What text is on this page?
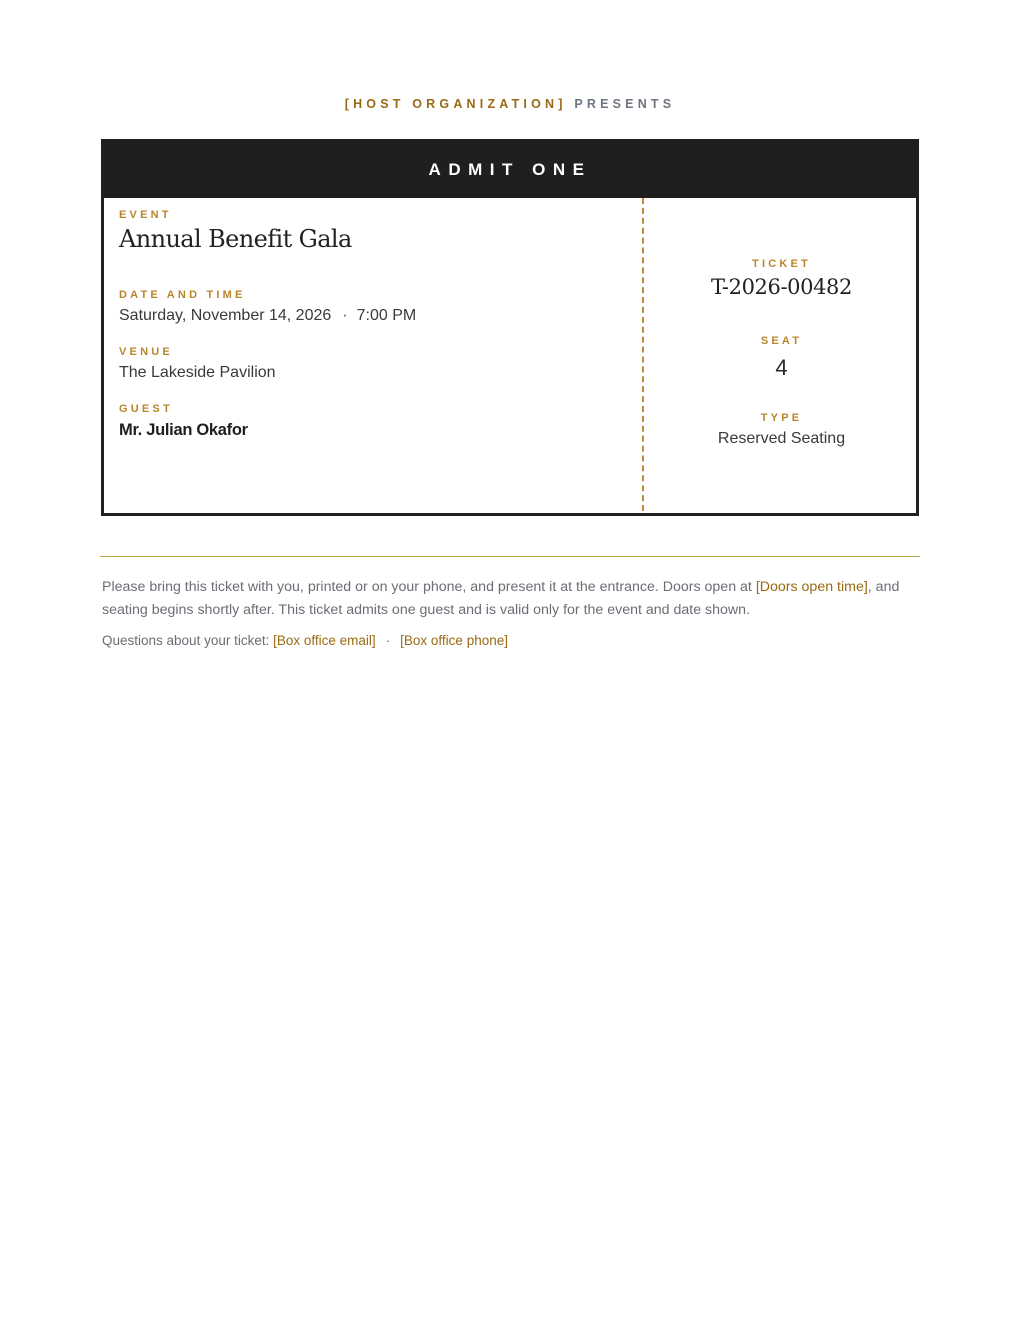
[HOST ORGANIZATION] PRESENTS
ADMIT ONE
EVENT
Annual Benefit Gala
DATE AND TIME
Saturday, November 14, 2026 · 7:00 PM
VENUE
The Lakeside Pavilion
GUEST
Mr. Julian Okafor
TICKET
T-2026-00482
SEAT
4
TYPE
Reserved Seating
Please bring this ticket with you, printed or on your phone, and present it at the entrance. Doors open at [Doors open time], and seating begins shortly after. This ticket admits one guest and is valid only for the event and date shown.
Questions about your ticket: [Box office email] · [Box office phone]
